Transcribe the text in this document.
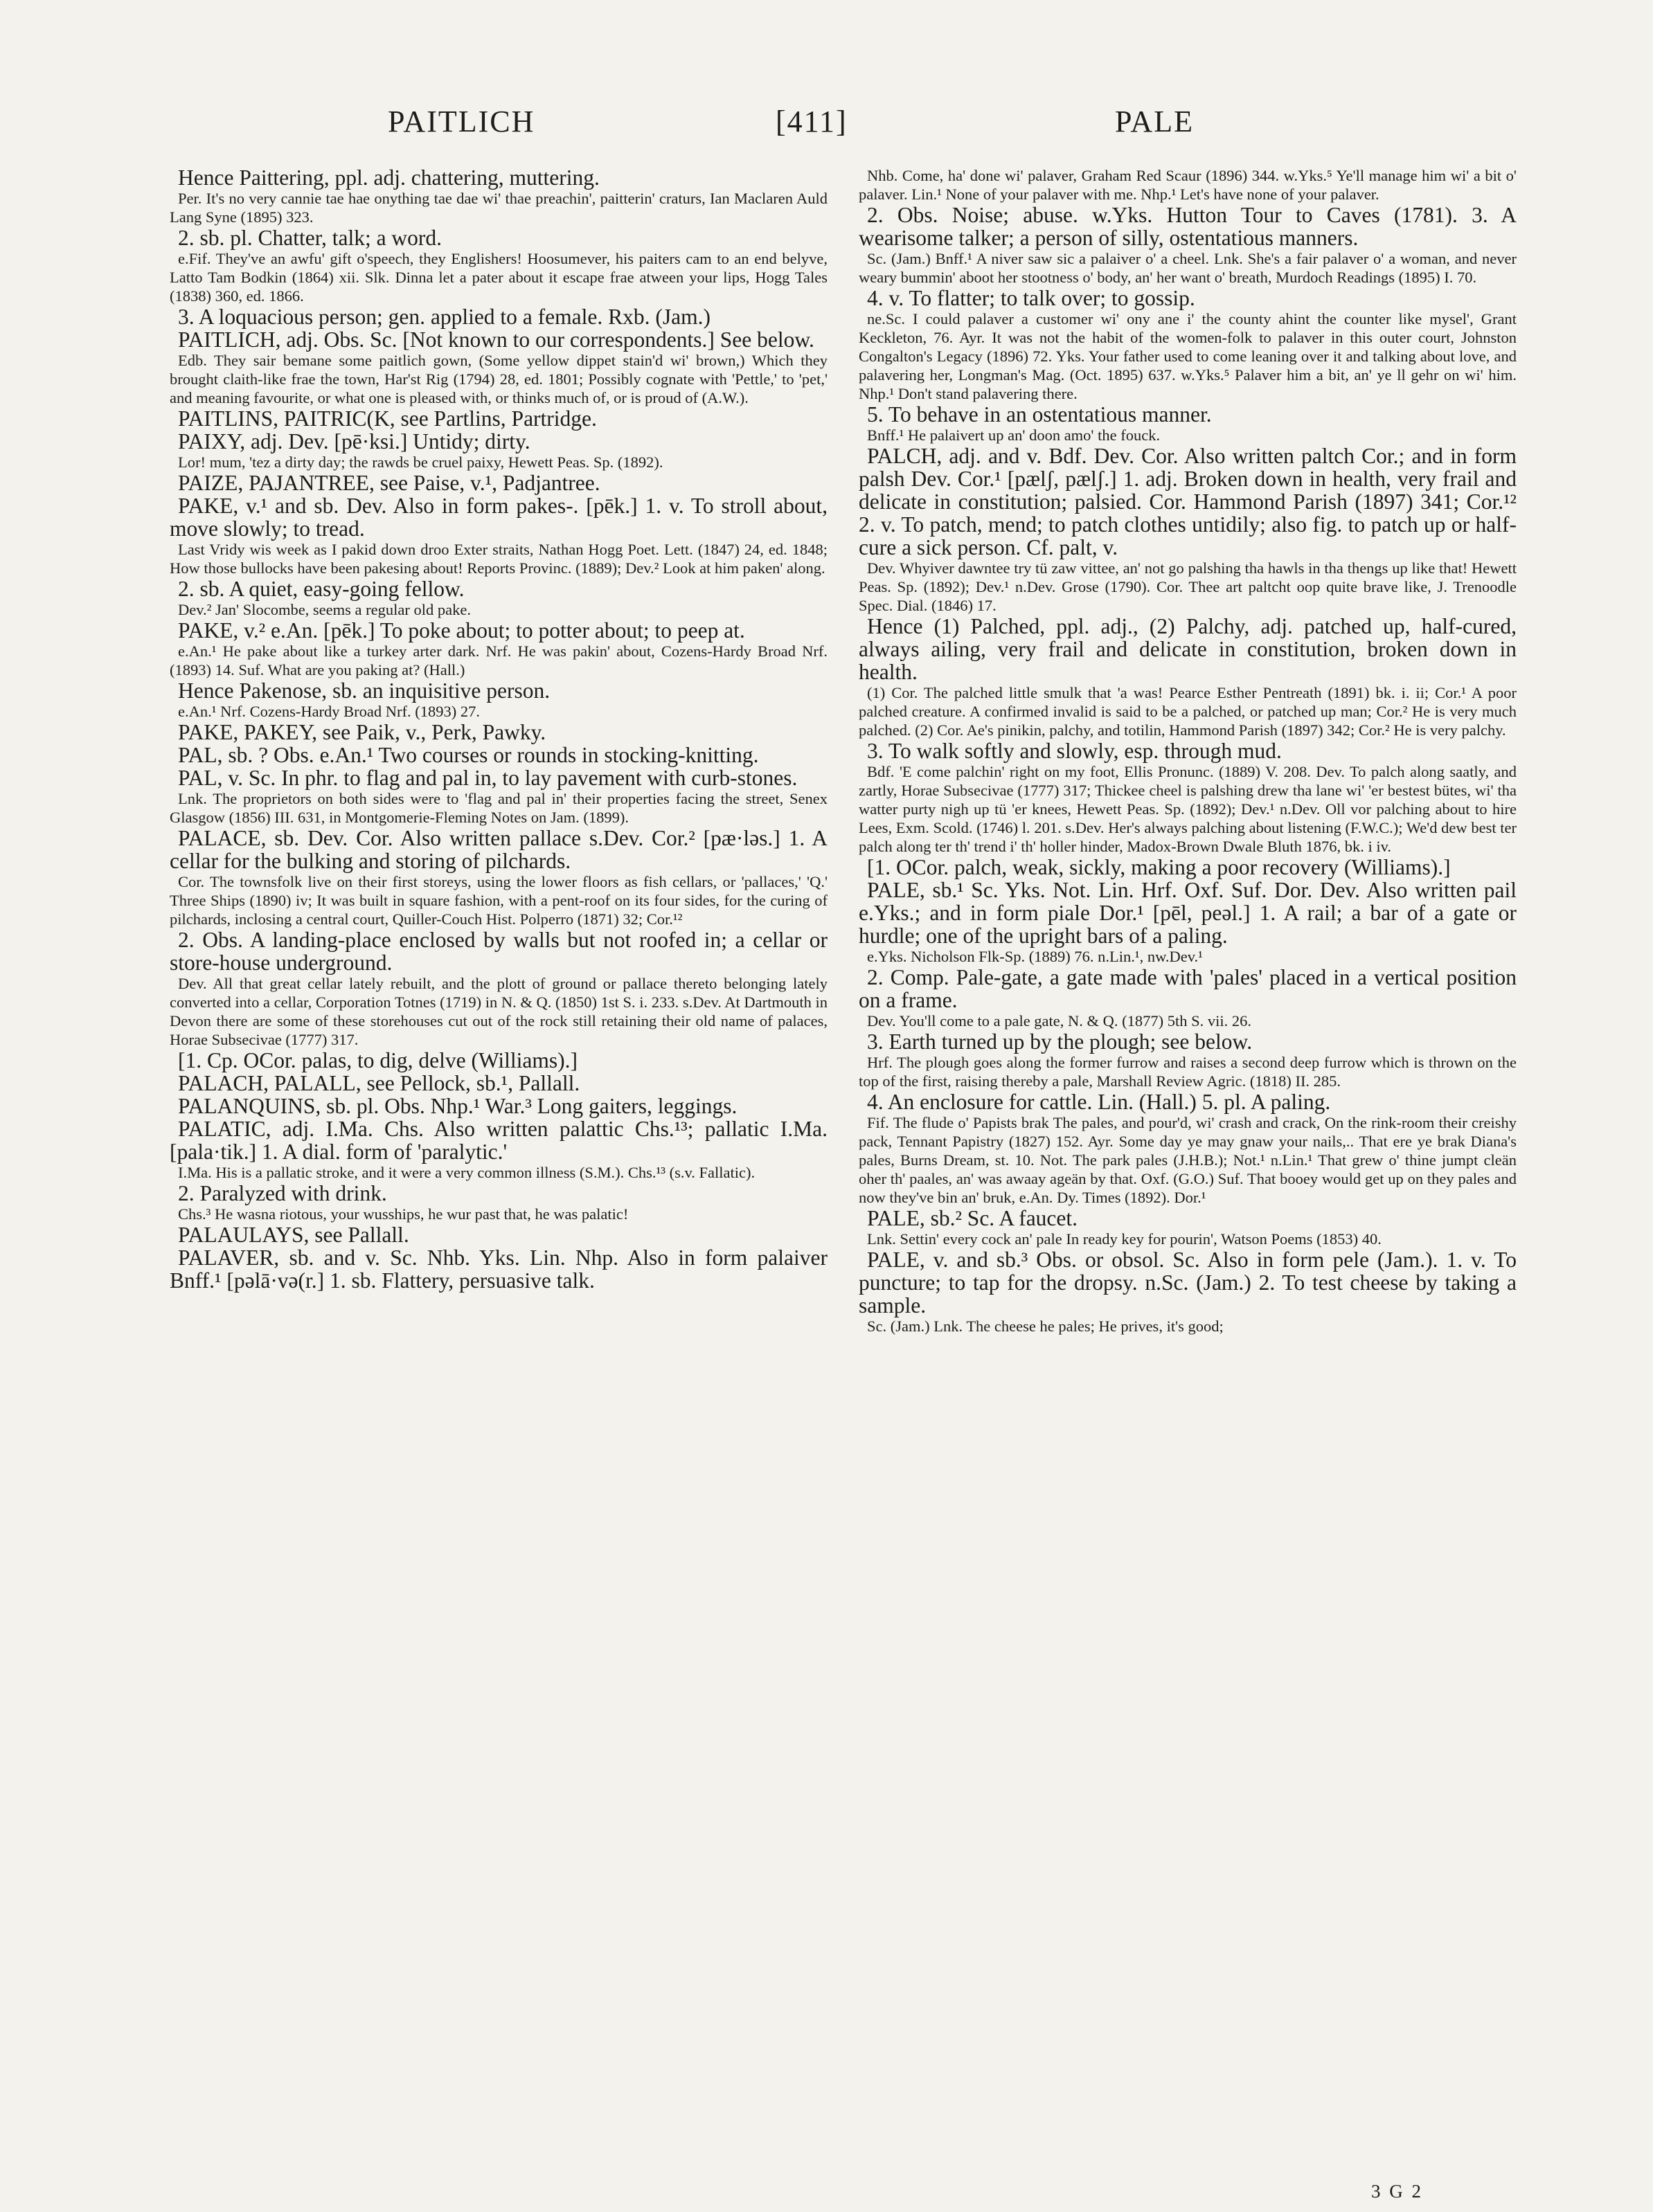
PAITLICH	[411]	PALE

Hence Paittering, ppl. adj. chattering, muttering.

Per. It's no very cannie tae hae onything tae dae wi' thae preachin', paitterin' craturs, Ian Maclaren Auld Lang Syne (1895) 323.

2. sb. pl. Chatter, talk; a word.

e.Fif. They've an awfu' gift o'speech, they Englishers! Hoosumever, his paiters cam to an end belyve, Latto Tam Bodkin (1864) xii. Slk. Dinna let a pater about it escape frae atween your lips, Hogg Tales (1838) 360, ed. 1866.

3. A loquacious person; gen. applied to a female. Rxb. (Jam.)

PAITLICH, adj. Obs. Sc. [Not known to our correspondents.] See below.

Edb. They sair bemane some paitlich gown, (Some yellow dippet stain'd wi' brown,) Which they brought claith-like frae the town, Har'st Rig (1794) 28, ed. 1801; Possibly cognate with 'Pettle,' to 'pet,' and meaning favourite, or what one is pleased with, or thinks much of, or is proud of (A.W.).

PAITLINS, PAITRIC(K, see Partlins, Partridge.

PAIXY, adj. Dev. [pē·ksi.] Untidy; dirty.

Lor! mum, 'tez a dirty day; the rawds be cruel paixy, Hewett Peas. Sp. (1892).

PAIZE, PAJANTREE, see Paise, v.¹, Padjantree.

PAKE, v.¹ and sb. Dev. Also in form pakes-. [pēk.] 1. v. To stroll about, move slowly; to tread.

Last Vridy wis week as I pakid down droo Exter straits, Nathan Hogg Poet. Lett. (1847) 24, ed. 1848; How those bullocks have been pakesing about! Reports Provinc. (1889); Dev.² Look at him paken' along.

2. sb. A quiet, easy-going fellow.

Dev.² Jan' Slocombe, seems a regular old pake.

PAKE, v.² e.An. [pēk.] To poke about; to potter about; to peep at.

e.An.¹ He pake about like a turkey arter dark. Nrf. He was pakin' about, Cozens-Hardy Broad Nrf. (1893) 14. Suf. What are you paking at? (Hall.)

Hence Pakenose, sb. an inquisitive person.

e.An.¹ Nrf. Cozens-Hardy Broad Nrf. (1893) 27.

PAKE, PAKEY, see Paik, v., Perk, Pawky.

PAL, sb. ? Obs. e.An.¹ Two courses or rounds in stocking-knitting.

PAL, v. Sc. In phr. to flag and pal in, to lay pavement with curb-stones.

Lnk. The proprietors on both sides were to 'flag and pal in' their properties facing the street, Senex Glasgow (1856) III. 631, in Montgomerie-Fleming Notes on Jam. (1899).

PALACE, sb. Dev. Cor. Also written pallace s.Dev. Cor.² [pæ·ləs.] 1. A cellar for the bulking and storing of pilchards.

Cor. The townsfolk live on their first storeys, using the lower floors as fish cellars, or 'pallaces,' 'Q.' Three Ships (1890) iv; It was built in square fashion, with a pent-roof on its four sides, for the curing of pilchards, inclosing a central court, Quiller-Couch Hist. Polperro (1871) 32; Cor.¹²

2. Obs. A landing-place enclosed by walls but not roofed in; a cellar or store-house underground.

Dev. All that great cellar lately rebuilt, and the plott of ground or pallace thereto belonging lately converted into a cellar, Corporation Totnes (1719) in N. & Q. (1850) 1st S. i. 233. s.Dev. At Dartmouth in Devon there are some of these storehouses cut out of the rock still retaining their old name of palaces, Horae Subsecivae (1777) 317.

[1. Cp. OCor. palas, to dig, delve (Williams).]

PALACH, PALALL, see Pellock, sb.¹, Pallall.

PALANQUINS, sb. pl. Obs. Nhp.¹ War.³ Long gaiters, leggings.

PALATIC, adj. I.Ma. Chs. Also written palattic Chs.¹³; pallatic I.Ma. [pala·tik.] 1. A dial. form of 'paralytic.'

I.Ma. His is a pallatic stroke, and it were a very common illness (S.M.). Chs.¹³ (s.v. Fallatic).

2. Paralyzed with drink.

Chs.³ He wasna riotous, your wusships, he wur past that, he was palatic!

PALAULAYS, see Pallall.

PALAVER, sb. and v. Sc. Nhb. Yks. Lin. Nhp. Also in form palaiver Bnff.¹ [pəlā·və(r.] 1. sb. Flattery, persuasive talk.

Nhb. Come, ha' done wi' palaver, Graham Red Scaur (1896) 344. w.Yks.⁵ Ye'll manage him wi' a bit o' palaver. Lin.¹ None of your palaver with me. Nhp.¹ Let's have none of your palaver.

2. Obs. Noise; abuse. w.Yks. Hutton Tour to Caves (1781). 3. A wearisome talker; a person of silly, ostentatious manners.

Sc. (Jam.) Bnff.¹ A niver saw sic a palaiver o' a cheel. Lnk. She's a fair palaver o' a woman, and never weary bummin' aboot her stootness o' body, an' her want o' breath, Murdoch Readings (1895) I. 70.

4. v. To flatter; to talk over; to gossip.

ne.Sc. I could palaver a customer wi' ony ane i' the county ahint the counter like mysel', Grant Keckleton, 76. Ayr. It was not the habit of the women-folk to palaver in this outer court, Johnston Congalton's Legacy (1896) 72. Yks. Your father used to come leaning over it and talking about love, and palavering her, Longman's Mag. (Oct. 1895) 637. w.Yks.⁵ Palaver him a bit, an' ye ll gehr on wi' him. Nhp.¹ Don't stand palavering there.

5. To behave in an ostentatious manner.

Bnff.¹ He palaivert up an' doon amo' the fouck.

PALCH, adj. and v. Bdf. Dev. Cor. Also written paltch Cor.; and in form palsh Dev. Cor.¹ [pælʃ, pælʃ.] 1. adj. Broken down in health, very frail and delicate in constitution; palsied. Cor. Hammond Parish (1897) 341; Cor.¹² 2. v. To patch, mend; to patch clothes untidily; also fig. to patch up or half-cure a sick person. Cf. palt, v.

Dev. Whyiver dawntee try tü zaw vittee, an' not go palshing tha hawls in tha thengs up like that! Hewett Peas. Sp. (1892); Dev.¹ n.Dev. Grose (1790). Cor. Thee art paltcht oop quite brave like, J. Trenoodle Spec. Dial. (1846) 17.

Hence (1) Palched, ppl. adj., (2) Palchy, adj. patched up, half-cured, always ailing, very frail and delicate in constitution, broken down in health.

(1) Cor. The palched little smulk that 'a was! Pearce Esther Pentreath (1891) bk. i. ii; Cor.¹ A poor palched creature. A confirmed invalid is said to be a palched, or patched up man; Cor.² He is very much palched. (2) Cor. Ae's pinikin, palchy, and totilin, Hammond Parish (1897) 342; Cor.² He is very palchy.

3. To walk softly and slowly, esp. through mud.

Bdf. 'E come palchin' right on my foot, Ellis Pronunc. (1889) V. 208. Dev. To palch along saatly, and zartly, Horae Subsecivae (1777) 317; Thickee cheel is palshing drew tha lane wi' 'er bestest bütes, wi' tha watter purty nigh up tü 'er knees, Hewett Peas. Sp. (1892); Dev.¹ n.Dev. Oll vor palching about to hire Lees, Exm. Scold. (1746) l. 201. s.Dev. Her's always palching about listening (F.W.C.); We'd dew best ter palch along ter th' trend i' th' holler hinder, Madox-Brown Dwale Bluth 1876, bk. i iv.

[1. OCor. palch, weak, sickly, making a poor recovery (Williams).]

PALE, sb.¹ Sc. Yks. Not. Lin. Hrf. Oxf. Suf. Dor. Dev. Also written pail e.Yks.; and in form piale Dor.¹ [pēl, peəl.] 1. A rail; a bar of a gate or hurdle; one of the upright bars of a paling.

e.Yks. Nicholson Flk-Sp. (1889) 76. n.Lin.¹, nw.Dev.¹

2. Comp. Pale-gate, a gate made with 'pales' placed in a vertical position on a frame.

Dev. You'll come to a pale gate, N. & Q. (1877) 5th S. vii. 26.

3. Earth turned up by the plough; see below.

Hrf. The plough goes along the former furrow and raises a second deep furrow which is thrown on the top of the first, raising thereby a pale, Marshall Review Agric. (1818) II. 285.

4. An enclosure for cattle. Lin. (Hall.) 5. pl. A paling.

Fif. The flude o' Papists brak The pales, and pour'd, wi' crash and crack, On the rink-room their creishy pack, Tennant Papistry (1827) 152. Ayr. Some day ye may gnaw your nails,.. That ere ye brak Diana's pales, Burns Dream, st. 10. Not. The park pales (J.H.B.); Not.¹ n.Lin.¹ That grew o' thine jumpt cleän oher th' paales, an' was awaay ageän by that. Oxf. (G.O.) Suf. That booey would get up on they pales and now they've bin an' bruk, e.An. Dy. Times (1892). Dor.¹

PALE, sb.² Sc. A faucet.

Lnk. Settin' every cock an' pale In ready key for pourin', Watson Poems (1853) 40.

PALE, v. and sb.³ Obs. or obsol. Sc. Also in form pele (Jam.). 1. v. To puncture; to tap for the dropsy. n.Sc. (Jam.) 2. To test cheese by taking a sample.

Sc. (Jam.) Lnk. The cheese he pales; He prives, it's good;

3 G 2
